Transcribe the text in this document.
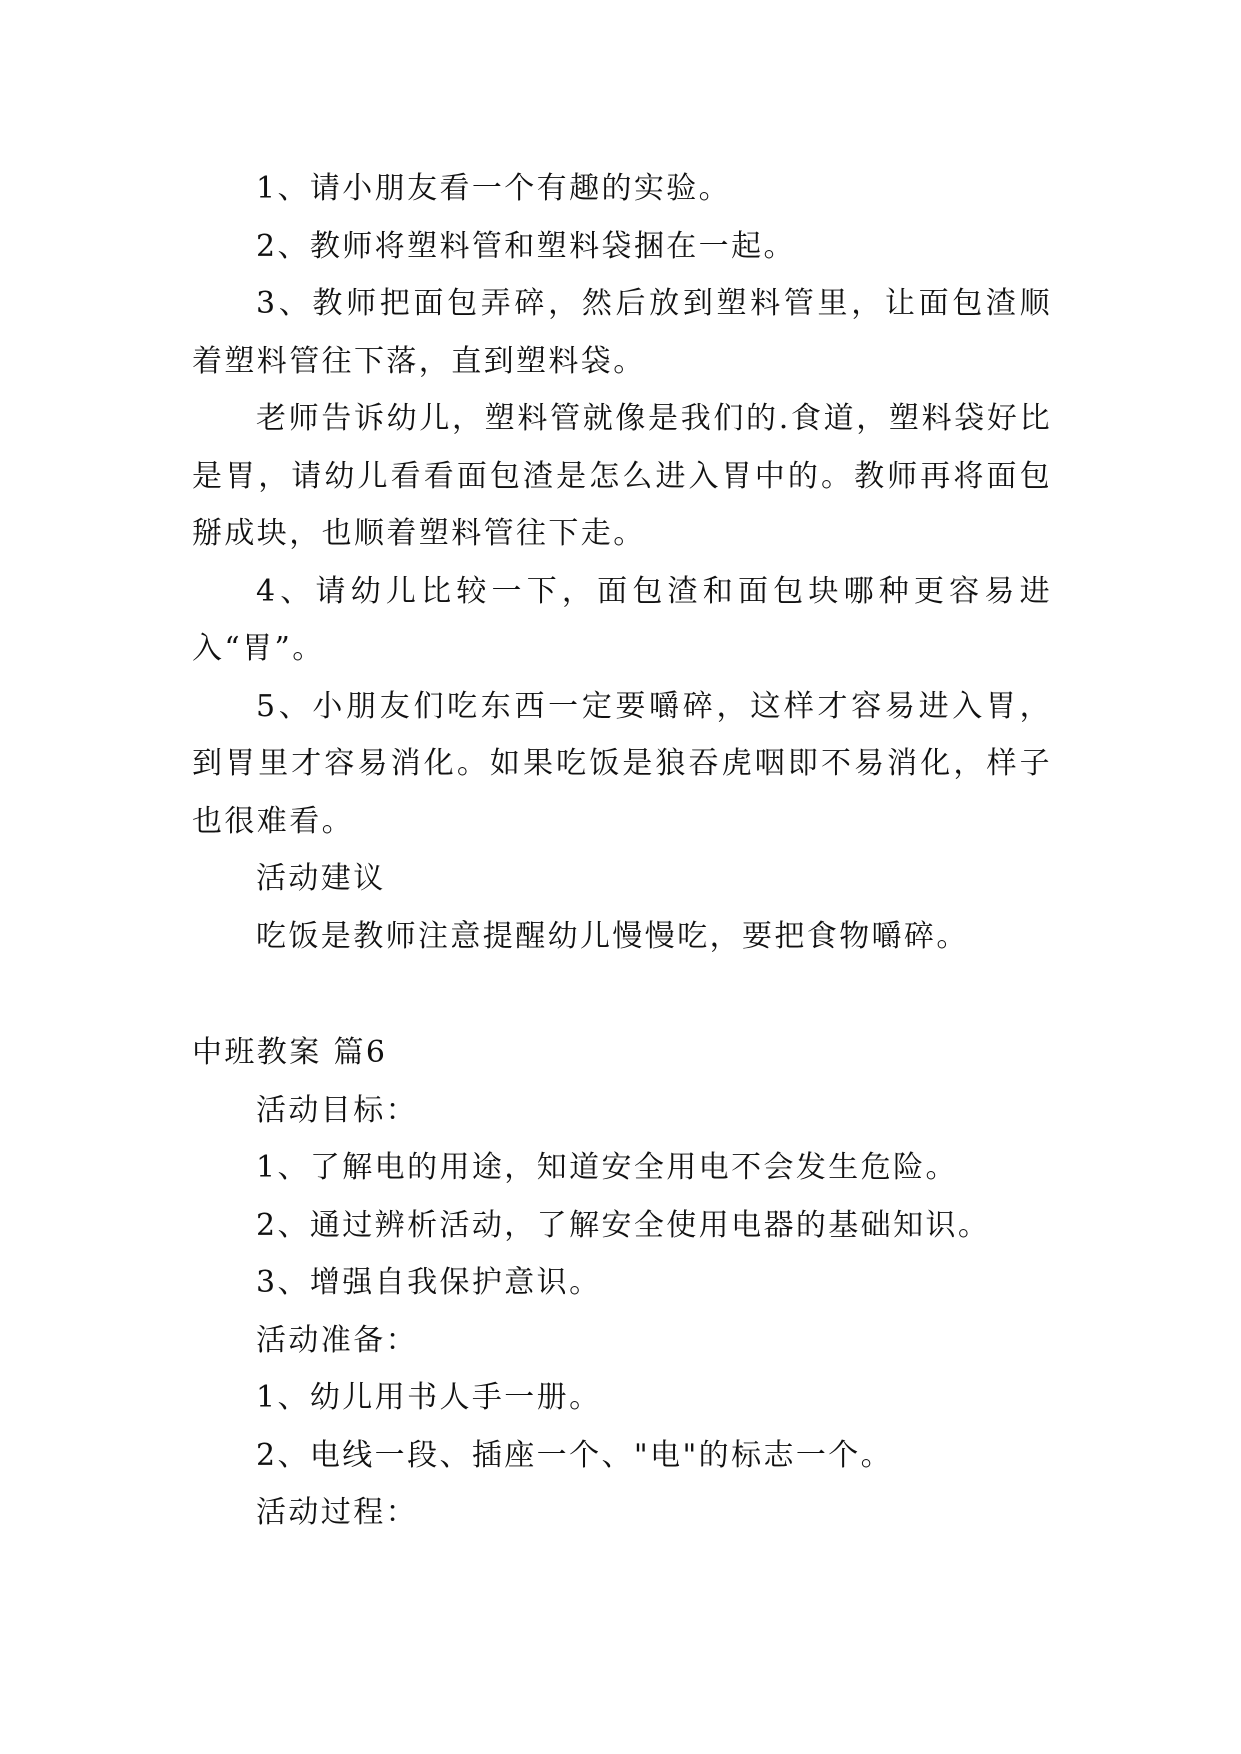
1、请小朋友看一个有趣的实验。

2、教师将塑料管和塑料袋捆在一起。

3、教师把面包弄碎，然后放到塑料管里，让面包渣顺着塑料管往下落，直到塑料袋。

老师告诉幼儿，塑料管就像是我们的.食道，塑料袋好比是胃，请幼儿看看面包渣是怎么进入胃中的。教师再将面包掰成块，也顺着塑料管往下走。

4、请幼儿比较一下，面包渣和面包块哪种更容易进入“胃”。

5、小朋友们吃东西一定要嚼碎，这样才容易进入胃，到胃里才容易消化。如果吃饭是狼吞虎咽即不易消化，样子也很难看。

活动建议

吃饭是教师注意提醒幼儿慢慢吃，要把食物嚼碎。

中班教案 篇6

活动目标：

1、了解电的用途，知道安全用电不会发生危险。

2、通过辨析活动，了解安全使用电器的基础知识。

3、增强自我保护意识。

活动准备：

1、幼儿用书人手一册。

2、电线一段、插座一个、"电"的标志一个。

活动过程：
